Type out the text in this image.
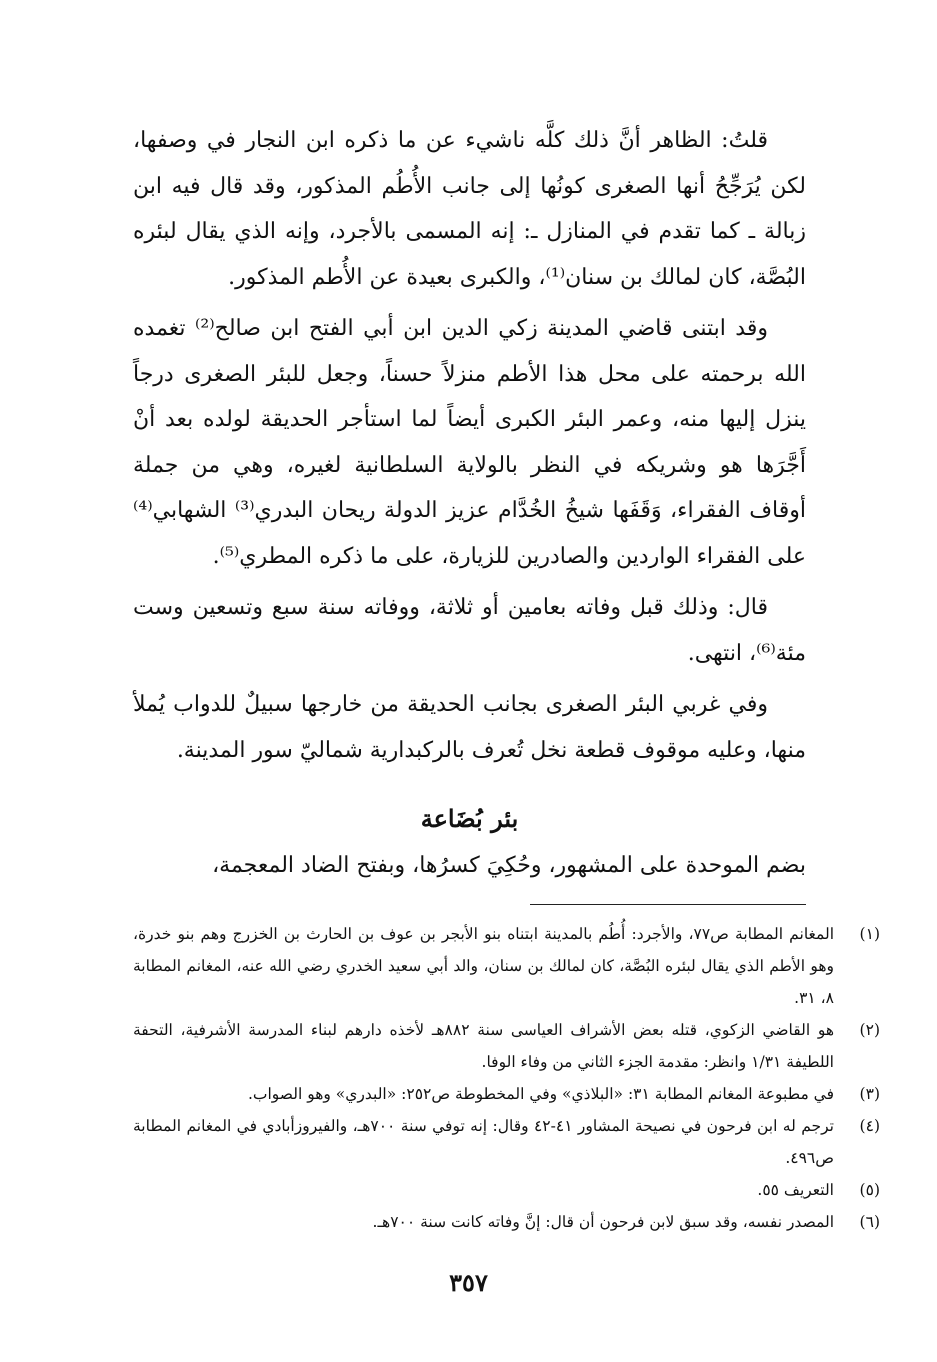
قلتُ: الظاهر أنَّ ذلك كلَّه ناشيء عن ما ذكره ابن النجار في وصفها، لكن يُرَجِّحُ أنها الصغرى كونُها إلى جانب الأُطُم المذكور، وقد قال فيه ابن زبالة ـ كما تقدم في المنازل ـ: إنه المسمى بالأجرد، وإنه الذي يقال لبئره البُصَّة، كان لمالك بن سنان⁽¹⁾، والكبرى بعيدة عن الأُطم المذكور.

وقد ابتنى قاضي المدينة زكي الدين ابن أبي الفتح ابن صالح⁽²⁾ تغمده الله برحمته على محل هذا الأطم منزلاً حسناً، وجعل للبئر الصغرى درجاً ينزل إليها منه، وعمر البئر الكبرى أيضاً لما استأجر الحديقة لولده بعد أنْ أَجَّرَها هو وشريكه في النظر بالولاية السلطانية لغيره، وهي من جملة أوقاف الفقراء، وَقَفَها شيخُ الخُدَّام عزيز الدولة ريحان البدري⁽³⁾ الشهابي⁽⁴⁾ على الفقراء الواردين والصادرين للزيارة، على ما ذكره المطري⁽⁵⁾.

قال: وذلك قبل وفاته بعامين أو ثلاثة، ووفاته سنة سبع وتسعين وست مئة⁽⁶⁾، انتهى.

وفي غربي البئر الصغرى بجانب الحديقة من خارجها سبيلٌ للدواب يُملأ منها، وعليه موقوف قطعة نخل تُعرف بالركبدارية شماليّ سور المدينة.

بئر بُضَاعة
بضم الموحدة على المشهور، وحُكِيَ كسرُها، وبفتح الضاد المعجمة،
(١)
المغانم المطابة ص٧٧، والأجرد: أُطُم بالمدينة ابتناه بنو الأبجر بن عوف بن الحارث بن الخزرج وهم بنو خدرة، وهو الأطم الذي يقال لبئره البُصَّة، كان لمالك بن سنان، والد أبي سعيد الخدري رضي الله عنه، المغانم المطابة ٨، ٣١.
(٢)
هو القاضي الزكوي، قتله بعض الأشراف العياسى سنة ٨٨٢هـ لأخذه دارهم لبناء المدرسة الأشرفية، التحفة اللطيفة ١/٣١ وانظر: مقدمة الجزء الثاني من وفاء الوفا.
(٣)
في مطبوعة المغانم المطابة ٣١: «البلاذي» وفي المخطوطة ص٢٥٢: «البدري» وهو الصواب.
(٤)
ترجم له ابن فرحون في نصيحة المشاور ٤١-٤٢ وقال: إنه توفي سنة ٧٠٠هـ، والفيروزأبادي في المغانم المطابة ص٤٩٦.
(٥)
التعريف ٥٥.
(٦)
المصدر نفسه، وقد سبق لابن فرحون أن قال: إنَّ وفاته كانت سنة ٧٠٠هـ.
٣٥٧
